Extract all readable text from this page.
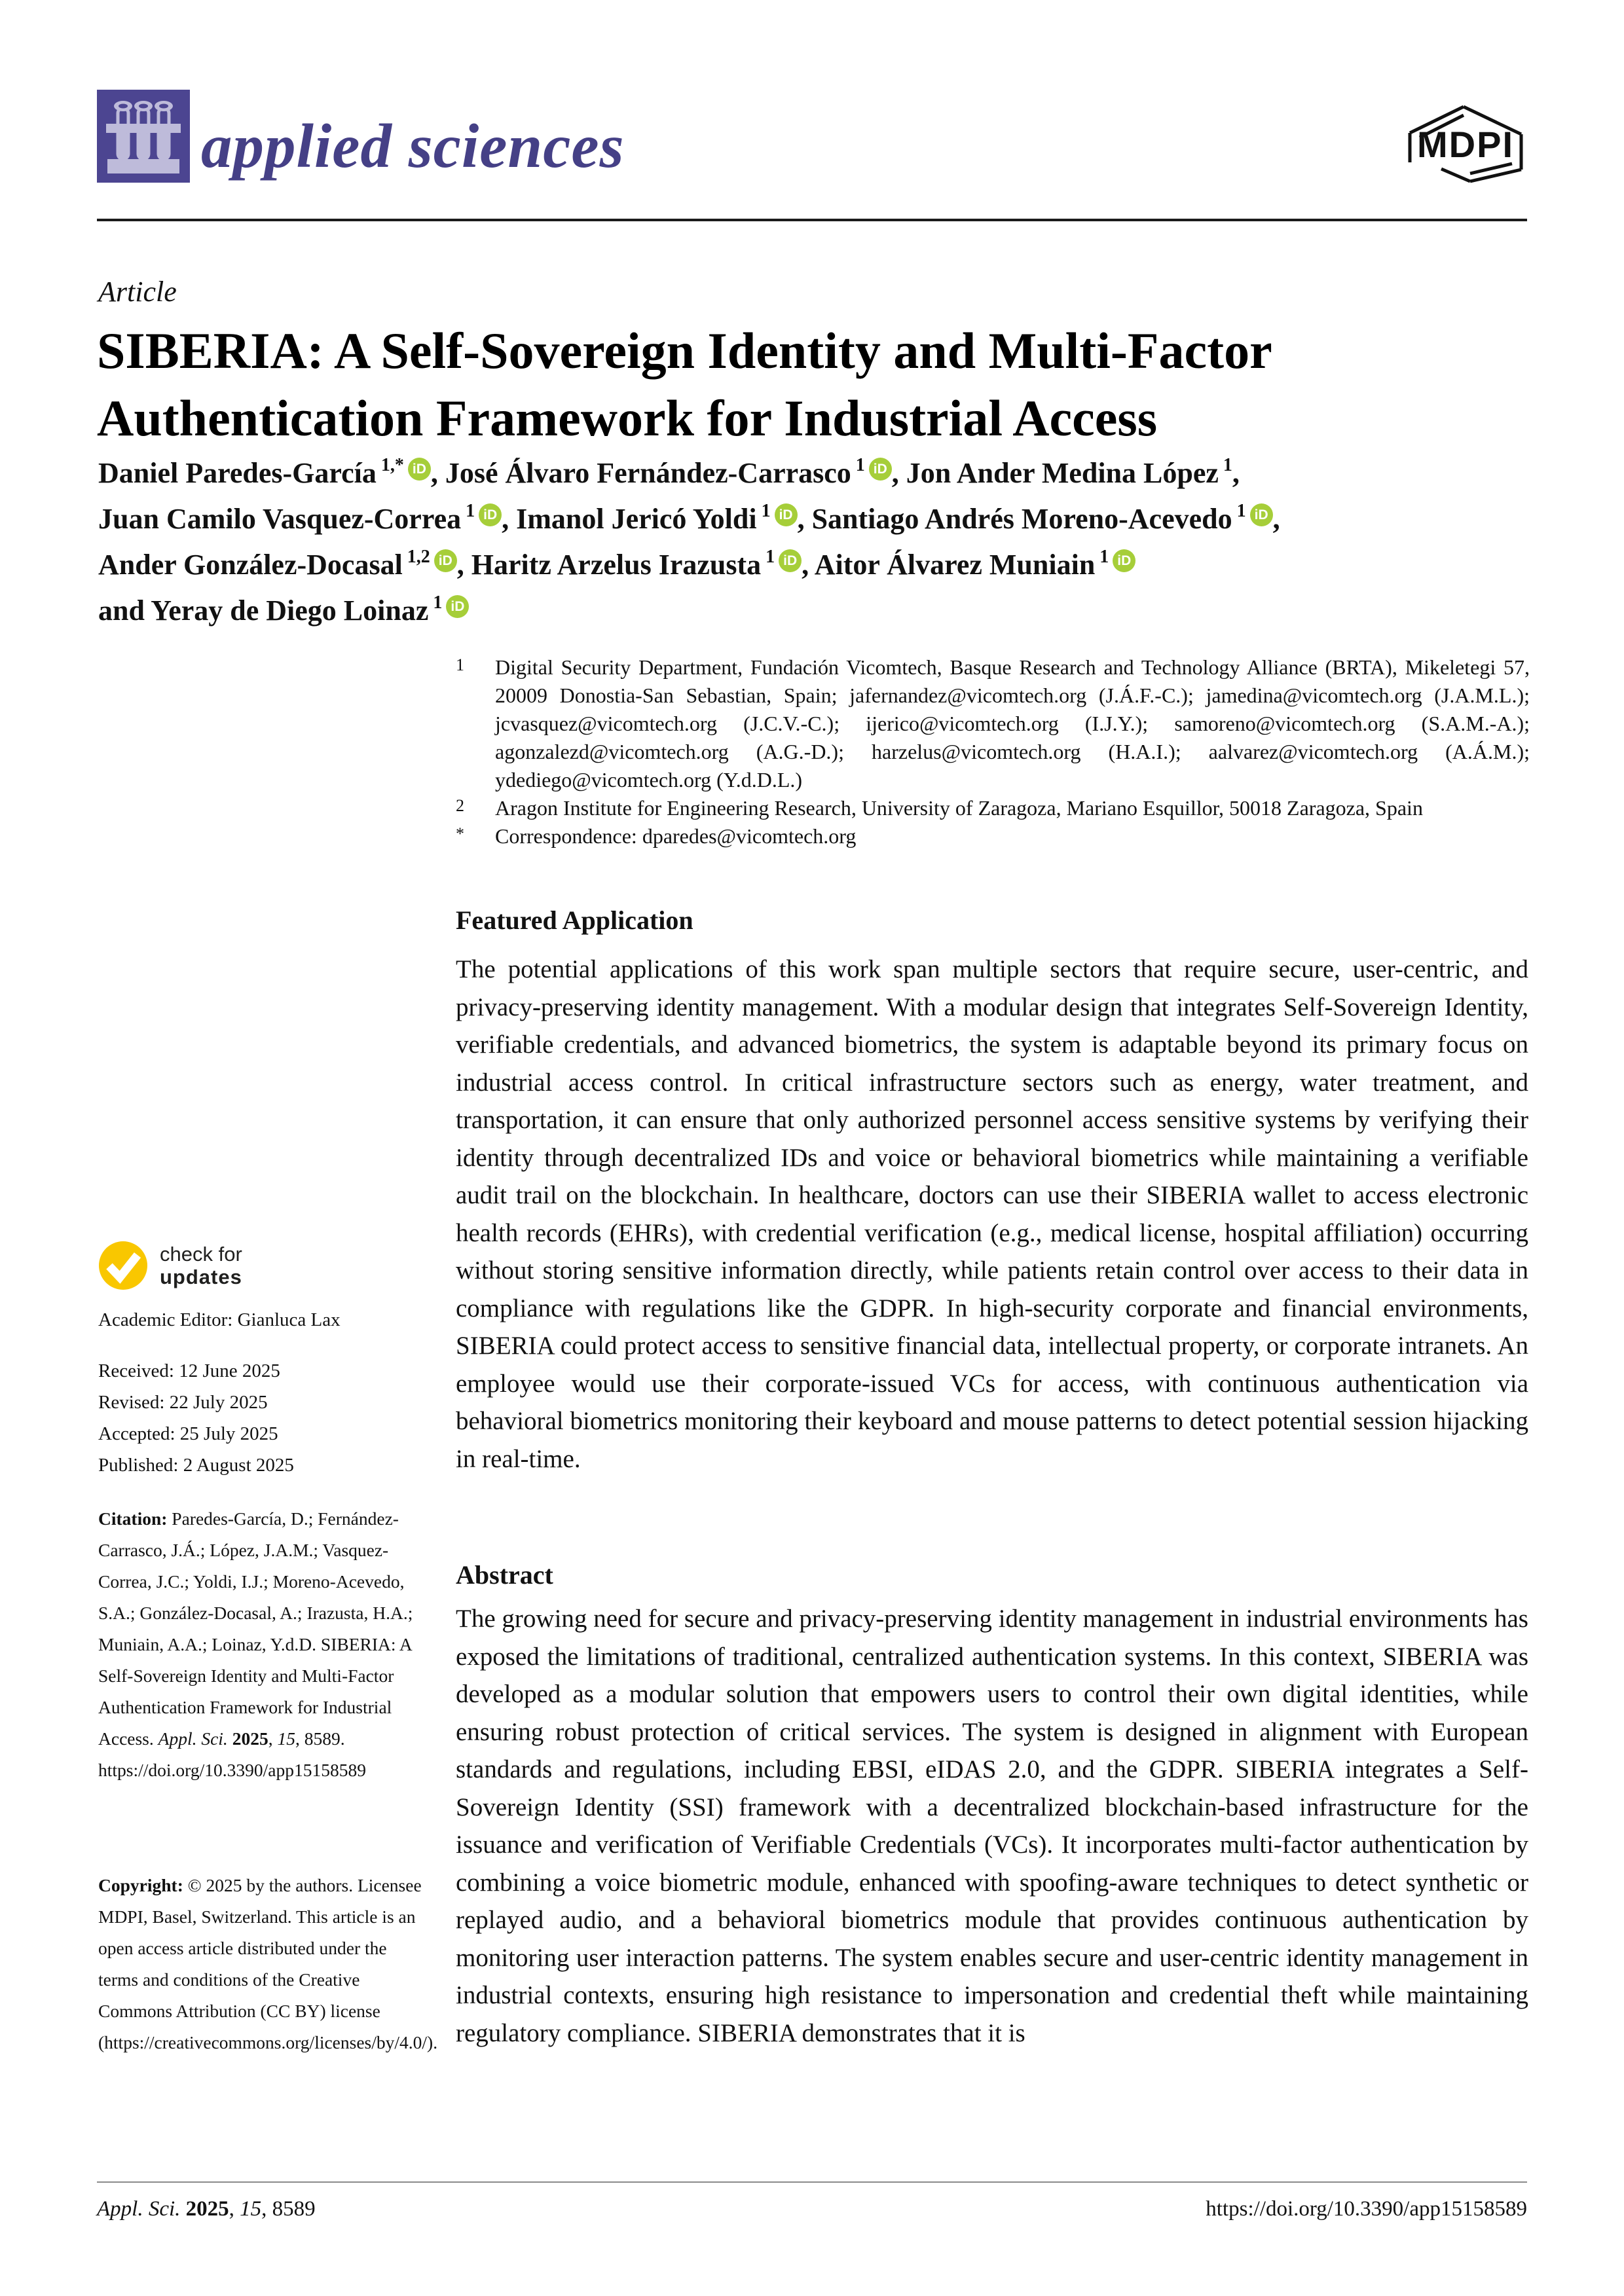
applied sciences	MDPI
Article
SIBERIA: A Self-Sovereign Identity and Multi-Factor Authentication Framework for Industrial Access
Daniel Paredes-García $^{1,*}$ iD , José Álvaro Fernández-Carrasco $^1$ iD , Jon Ander Medina López $^1$,
Juan Camilo Vasquez-Correa $^1$ iD , Imanol Jericó Yoldi $^1$ iD , Santiago Andrés Moreno-Acevedo $^1$ iD ,
Ander González-Docasal $^{1,2}$ iD , Haritz Arzelus Irazusta $^1$ iD , Aitor Álvarez Muniain $^1$ iD
and Yeray de Diego Loinaz $^1$ iD
1 Digital Security Department, Fundación Vicomtech, Basque Research and Technology Alliance (BRTA), Mikeletegi 57, 20009 Donostia-San Sebastian, Spain; jafernandez@vicomtech.org (J.Á.F.-C.); jamedina@vicomtech.org (J.A.M.L.); jcvasquez@vicomtech.org (J.C.V.-C.); ijerico@vicomtech.org (I.J.Y.); samoreno@vicomtech.org (S.A.M.-A.); agonzalezd@vicomtech.org (A.G.-D.); harzelus@vicomtech.org (H.A.I.); aalvarez@vicomtech.org (A.Á.M.); ydediego@vicomtech.org (Y.d.D.L.)
2 Aragon Institute for Engineering Research, University of Zaragoza, Mariano Esquillor, 50018 Zaragoza, Spain
* Correspondence: dparedes@vicomtech.org
Featured Application
The potential applications of this work span multiple sectors that require secure, user-centric, and privacy-preserving identity management. With a modular design that integrates Self-Sovereign Identity, verifiable credentials, and advanced biometrics, the system is adaptable beyond its primary focus on industrial access control. In critical infrastructure sectors such as energy, water treatment, and transportation, it can ensure that only authorized personnel access sensitive systems by verifying their identity through decentralized IDs and voice or behavioral biometrics while maintaining a verifiable audit trail on the blockchain. In healthcare, doctors can use their SIBERIA wallet to access electronic health records (EHRs), with credential verification (e.g., medical license, hospital affiliation) occurring without storing sensitive information directly, while patients retain control over access to their data in compliance with regulations like the GDPR. In high-security corporate and financial environments, SIBERIA could protect access to sensitive financial data, intellectual property, or corporate intranets. An employee would use their corporate-issued VCs for access, with continuous authentication via behavioral biometrics monitoring their keyboard and mouse patterns to detect potential session hijacking in real-time.
Abstract
The growing need for secure and privacy-preserving identity management in industrial environments has exposed the limitations of traditional, centralized authentication systems. In this context, SIBERIA was developed as a modular solution that empowers users to control their own digital identities, while ensuring robust protection of critical services. The system is designed in alignment with European standards and regulations, including EBSI, eIDAS 2.0, and the GDPR. SIBERIA integrates a Self-Sovereign Identity (SSI) framework with a decentralized blockchain-based infrastructure for the issuance and verification of Verifiable Credentials (VCs). It incorporates multi-factor authentication by combining a voice biometric module, enhanced with spoofing-aware techniques to detect synthetic or replayed audio, and a behavioral biometrics module that provides continuous authentication by monitoring user interaction patterns. The system enables secure and user-centric identity management in industrial contexts, ensuring high resistance to impersonation and credential theft while maintaining regulatory compliance. SIBERIA demonstrates that it is
check for
updates
Academic Editor: Gianluca Lax
Received: 12 June 2025
Revised: 22 July 2025
Accepted: 25 July 2025
Published: 2 August 2025

Citation: Paredes-García, D.; Fernández-Carrasco, J.Á.; López, J.A.M.; Vasquez-Correa, J.C.; Yoldi, I.J.; Moreno-Acevedo, S.A.; González-Docasal, A.; Irazusta, H.A.; Muniain, A.A.; Loinaz, Y.d.D. SIBERIA: A Self-Sovereign Identity and Multi-Factor Authentication Framework for Industrial Access. Appl. Sci. 2025, 15, 8589. https://doi.org/10.3390/app15158589

Copyright: © 2025 by the authors. Licensee MDPI, Basel, Switzerland. This article is an open access article distributed under the terms and conditions of the Creative Commons Attribution (CC BY) license (https://creativecommons.org/licenses/by/4.0/).

Appl. Sci. 2025, 15, 8589	https://doi.org/10.3390/app15158589
